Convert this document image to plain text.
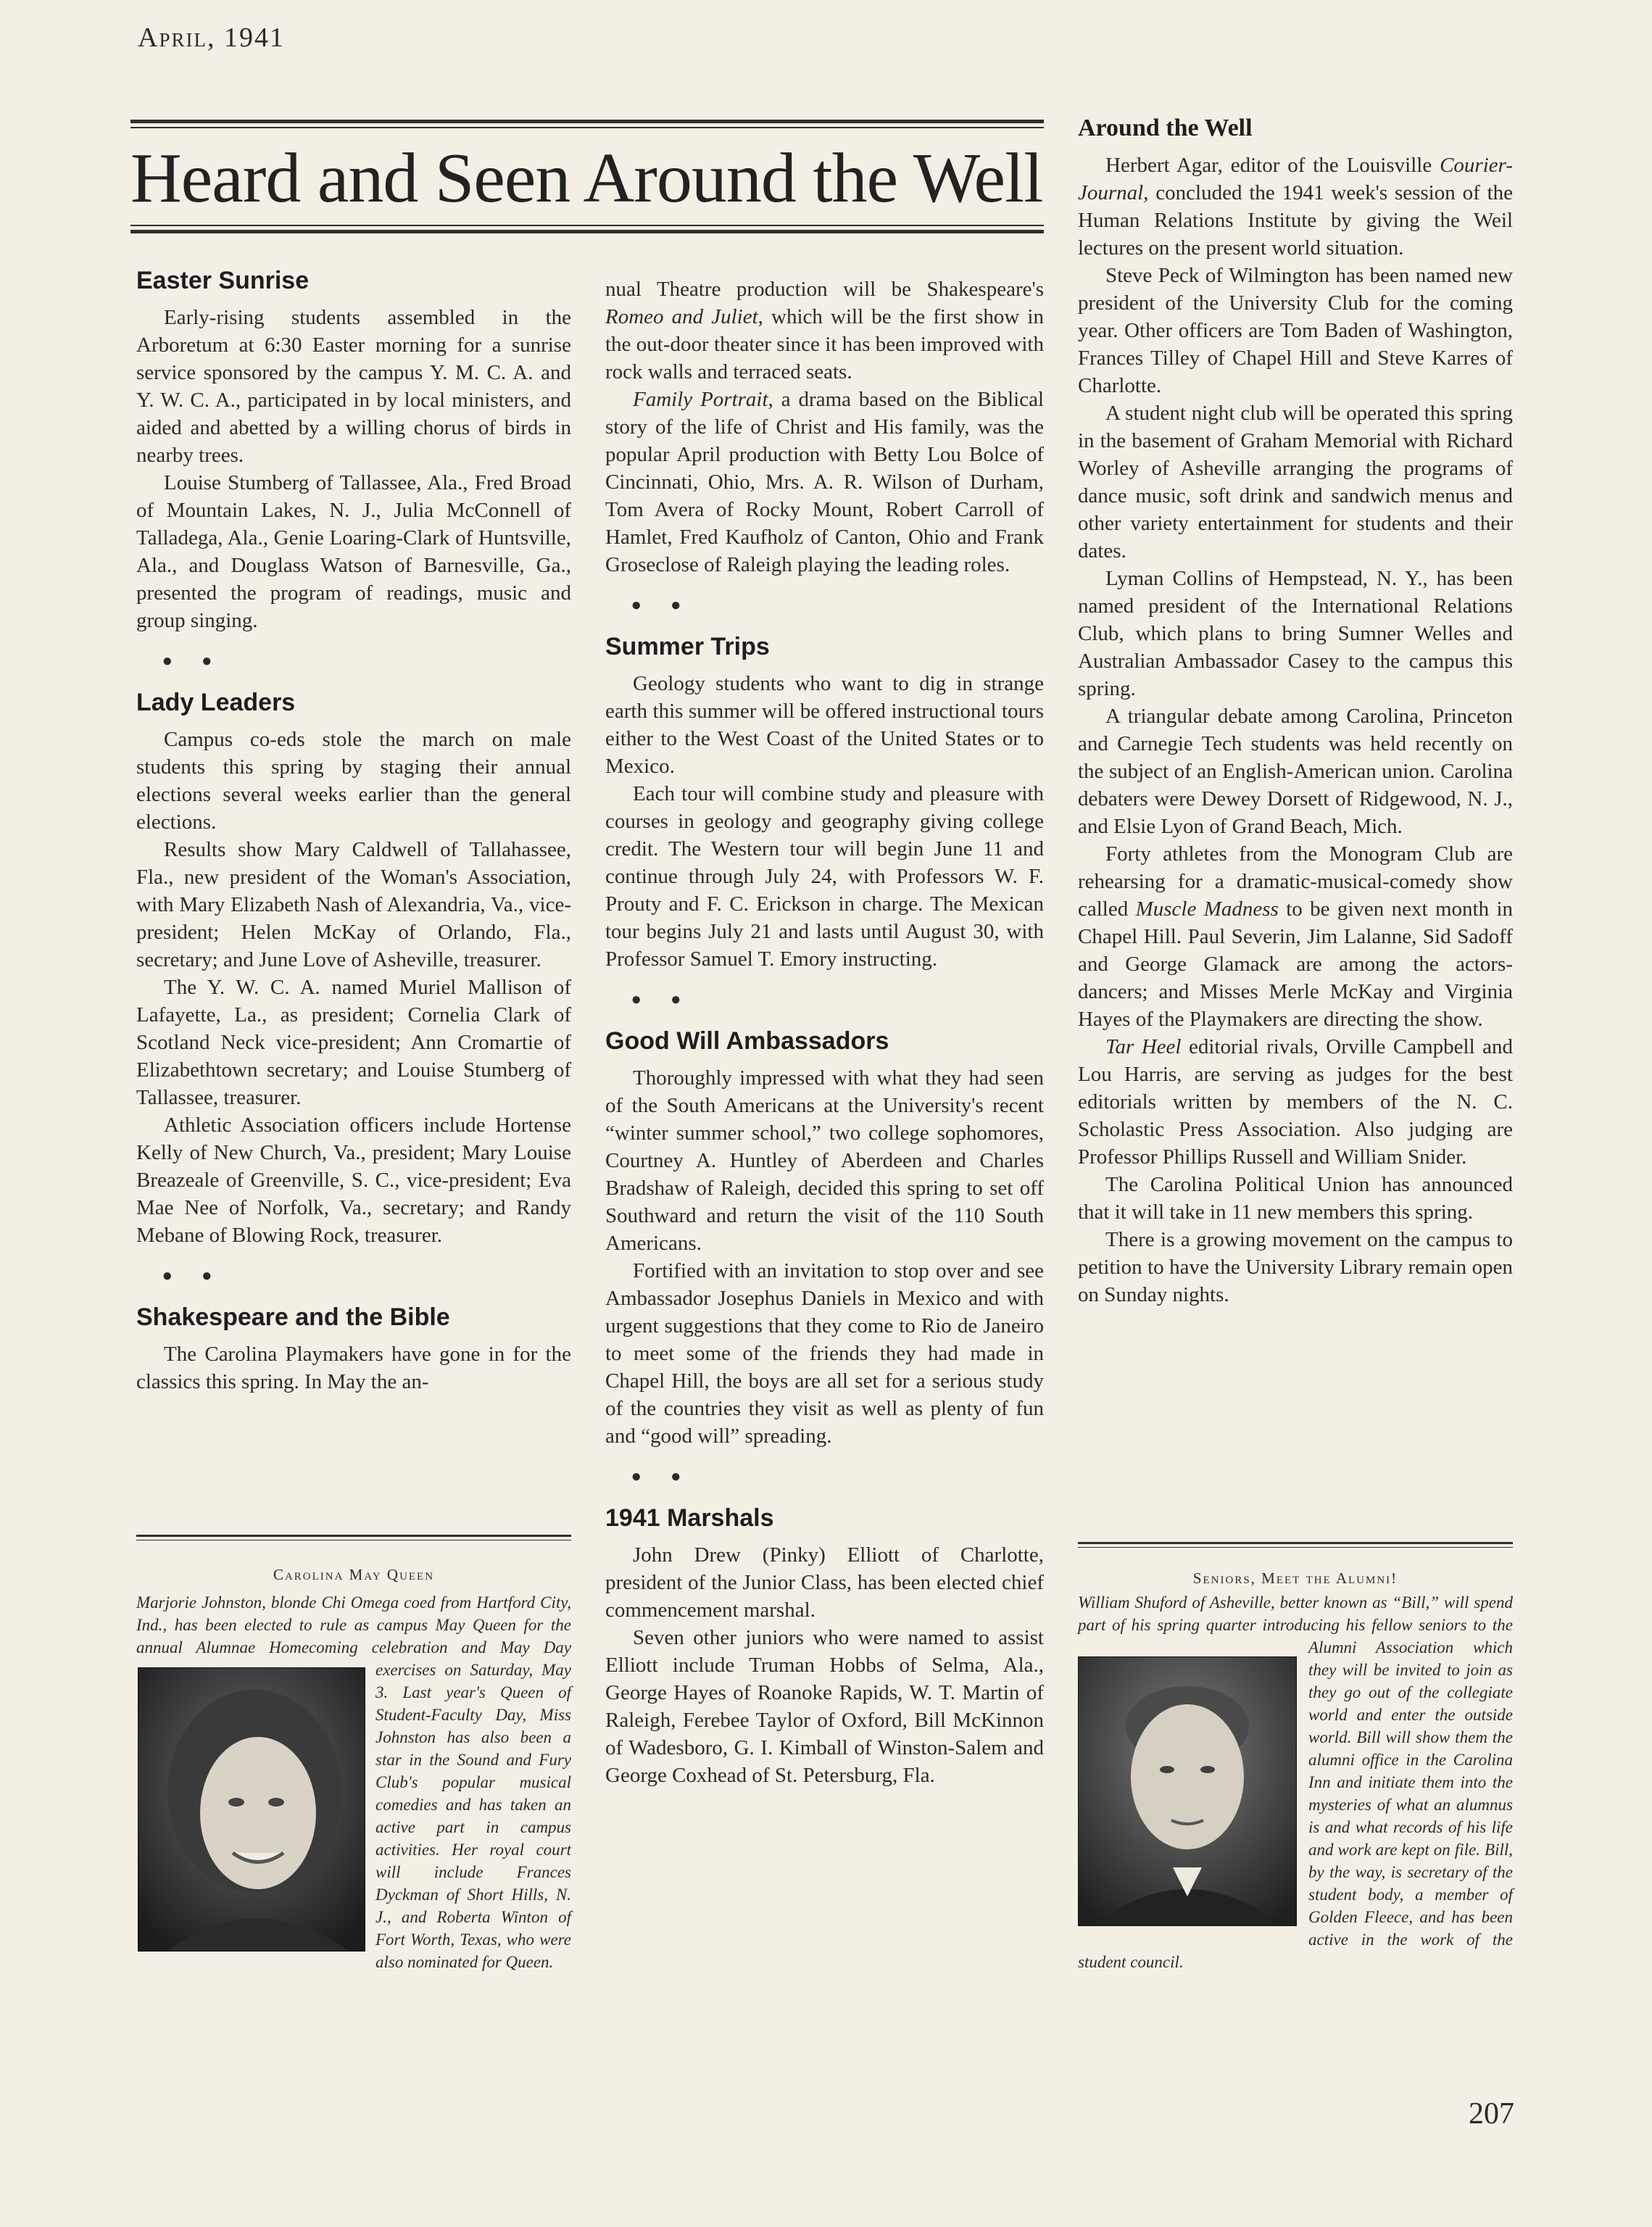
April, 1941
Heard and Seen Around the Well
Easter Sunrise

Early-rising students assembled in the Arboretum at 6:30 Easter morning for a sunrise service sponsored by the campus Y. M. C. A. and Y. W. C. A., participated in by local ministers, and aided and abetted by a willing chorus of birds in nearby trees.

Louise Stumberg of Tallassee, Ala., Fred Broad of Mountain Lakes, N. J., Julia McConnell of Talladega, Ala., Genie Loaring-Clark of Huntsville, Ala., and Douglass Watson of Barnesville, Ga., presented the program of readings, music and group singing.

●●
Lady Leaders

Campus co-eds stole the march on male students this spring by staging their annual elections several weeks earlier than the general elections.

Results show Mary Caldwell of Tallahassee, Fla., new president of the Woman's Association, with Mary Elizabeth Nash of Alexandria, Va., vice-president; Helen McKay of Orlando, Fla., secretary; and June Love of Asheville, treasurer.

The Y. W. C. A. named Muriel Mallison of Lafayette, La., as president; Cornelia Clark of Scotland Neck vice-president; Ann Cromartie of Elizabethtown secretary; and Louise Stumberg of Tallassee, treasurer.

Athletic Association officers include Hortense Kelly of New Church, Va., president; Mary Louise Breazeale of Greenville, S. C., vice-president; Eva Mae Nee of Norfolk, Va., secretary; and Randy Mebane of Blowing Rock, treasurer.

●●
Shakespeare and the Bible

The Carolina Playmakers have gone in for the classics this spring. In May the an-

Carolina May Queen
Marjorie Johnston, blonde Chi Omega coed from Hartford City, Ind., has been elected to rule as campus May Queen for the annual Alumnae Homecoming celebration and May Day exercises on Saturday, May 3. Last year's Queen of Student-Faculty Day, Miss Johnston has also been a star in the Sound and Fury Club's popular musical comedies and has taken an active part in campus activities. Her royal court will include Frances Dyckman of Short Hills, N. J., and Roberta Winton of Fort Worth, Texas, who were also nominated for Queen.

nual Theatre production will be Shakespeare's Romeo and Juliet, which will be the first show in the out-door theater since it has been improved with rock walls and terraced seats.

Family Portrait, a drama based on the Biblical story of the life of Christ and His family, was the popular April production with Betty Lou Bolce of Cincinnati, Ohio, Mrs. A. R. Wilson of Durham, Tom Avera of Rocky Mount, Robert Carroll of Hamlet, Fred Kaufholz of Canton, Ohio and Frank Groseclose of Raleigh playing the leading roles.

●●
Summer Trips

Geology students who want to dig in strange earth this summer will be offered instructional tours either to the West Coast of the United States or to Mexico.

Each tour will combine study and pleasure with courses in geology and geography giving college credit. The Western tour will begin June 11 and continue through July 24, with Professors W. F. Prouty and F. C. Erickson in charge. The Mexican tour begins July 21 and lasts until August 30, with Professor Samuel T. Emory instructing.

●●
Good Will Ambassadors

Thoroughly impressed with what they had seen of the South Americans at the University's recent “winter summer school,” two college sophomores, Courtney A. Huntley of Aberdeen and Charles Bradshaw of Raleigh, decided this spring to set off Southward and return the visit of the 110 South Americans.

Fortified with an invitation to stop over and see Ambassador Josephus Daniels in Mexico and with urgent suggestions that they come to Rio de Janeiro to meet some of the friends they had made in Chapel Hill, the boys are all set for a serious study of the countries they visit as well as plenty of fun and “good will” spreading.

●●
1941 Marshals

John Drew (Pinky) Elliott of Charlotte, president of the Junior Class, has been elected chief commencement marshal.

Seven other juniors who were named to assist Elliott include Truman Hobbs of Selma, Ala., George Hayes of Roanoke Rapids, W. T. Martin of Raleigh, Ferebee Taylor of Oxford, Bill McKinnon of Wadesboro, G. I. Kimball of Winston-Salem and George Coxhead of St. Petersburg, Fla.

Around the Well

Herbert Agar, editor of the Louisville Courier-Journal, concluded the 1941 week's session of the Human Relations Institute by giving the Weil lectures on the present world situation.

Steve Peck of Wilmington has been named new president of the University Club for the coming year. Other officers are Tom Baden of Washington, Frances Tilley of Chapel Hill and Steve Karres of Charlotte.

A student night club will be operated this spring in the basement of Graham Memorial with Richard Worley of Asheville arranging the programs of dance music, soft drink and sandwich menus and other variety entertainment for students and their dates.

Lyman Collins of Hempstead, N. Y., has been named president of the International Relations Club, which plans to bring Sumner Welles and Australian Ambassador Casey to the campus this spring.

A triangular debate among Carolina, Princeton and Carnegie Tech students was held recently on the subject of an English-American union. Carolina debaters were Dewey Dorsett of Ridgewood, N. J., and Elsie Lyon of Grand Beach, Mich.

Forty athletes from the Monogram Club are rehearsing for a dramatic-musical-comedy show called Muscle Madness to be given next month in Chapel Hill. Paul Severin, Jim Lalanne, Sid Sadoff and George Glamack are among the actors-dancers; and Misses Merle McKay and Virginia Hayes of the Playmakers are directing the show.

Tar Heel editorial rivals, Orville Campbell and Lou Harris, are serving as judges for the best editorials written by members of the N. C. Scholastic Press Association. Also judging are Professor Phillips Russell and William Snider.

The Carolina Political Union has announced that it will take in 11 new members this spring.

There is a growing movement on the campus to petition to have the University Library remain open on Sunday nights.

Seniors, Meet the Alumni!
William Shuford of Asheville, better known as “Bill,” will spend part of his spring quarter introducing his fellow seniors to the Alumni Association which they will be invited to join as they go out of the collegiate world and enter the outside world. Bill will show them the alumni office in the Carolina Inn and initiate them into the mysteries of what an alumnus is and what records of his life and work are kept on file. Bill, by the way, is secretary of the student body, a member of Golden Fleece, and has been active in the work of the student council.
207
